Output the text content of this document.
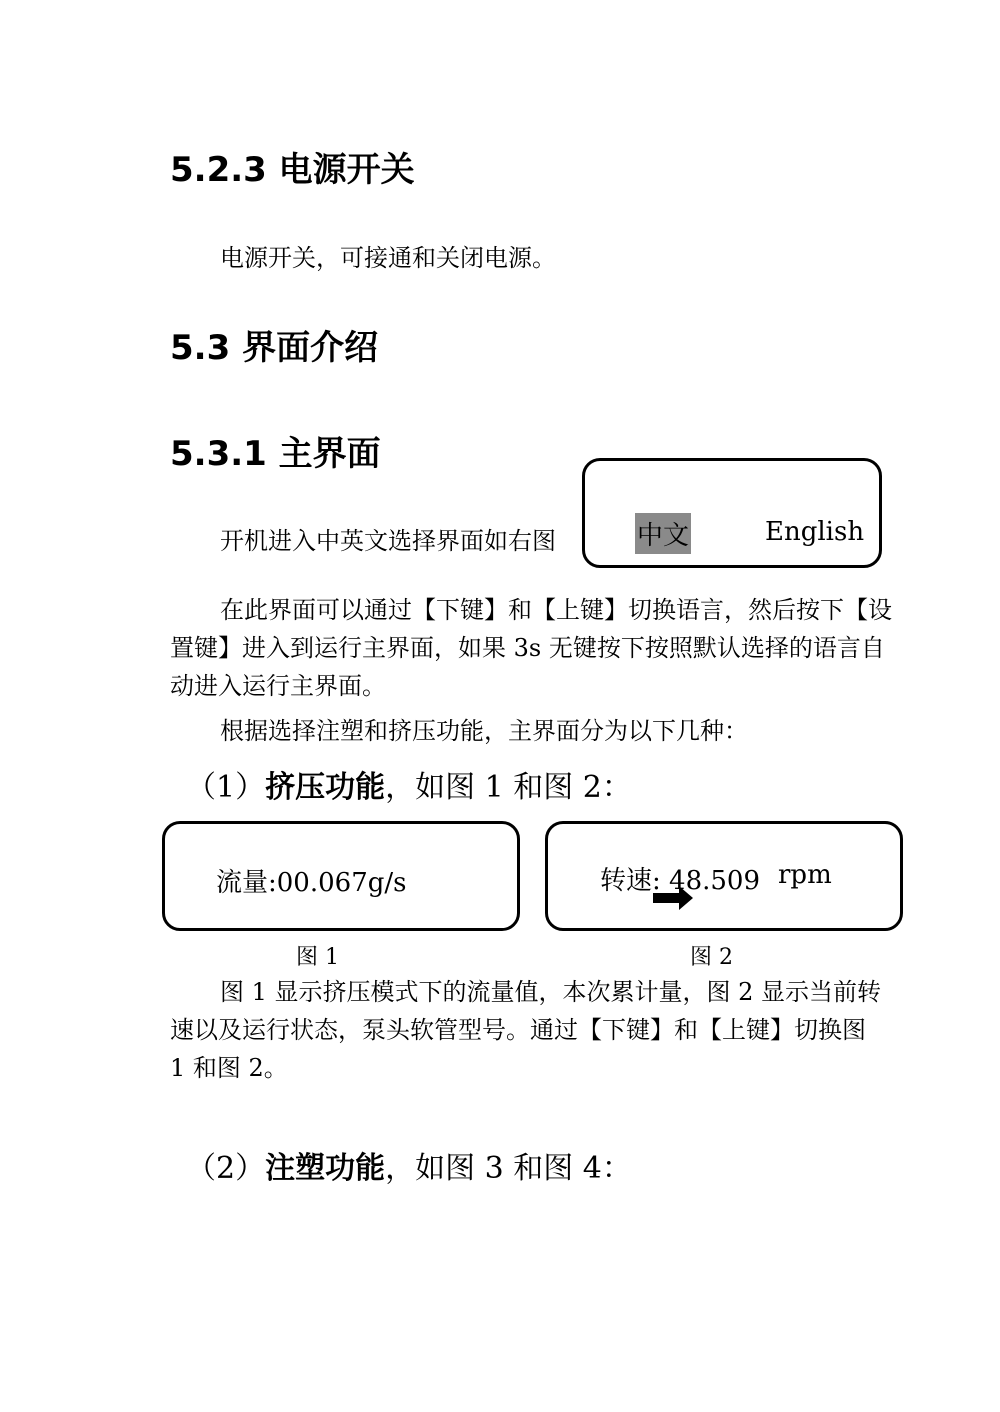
5.2.3 电源开关
电源开关，可接通和关闭电源。
5.3 界面介绍
5.3.1 主界面
开机进入中英文选择界面如右图	中文	English
在此界面可以通过【下键】和【上键】切换语言，然后按下【设
置键】进入到运行主界面，如果 3s 无键按下按照默认选择的语言自
动进入运行主界面。
根据选择注塑和挤压功能，主界面分为以下几种：
（1）挤压功能，如图 1 和图 2：
流量:00.067g/s	转速: 48.509 rpm
图 1	图 2
图 1 显示挤压模式下的流量值，本次累计量，图 2 显示当前转
速以及运行状态，泵头软管型号。通过【下键】和【上键】切换图
1 和图 2。
（2）注塑功能，如图 3 和图 4：
